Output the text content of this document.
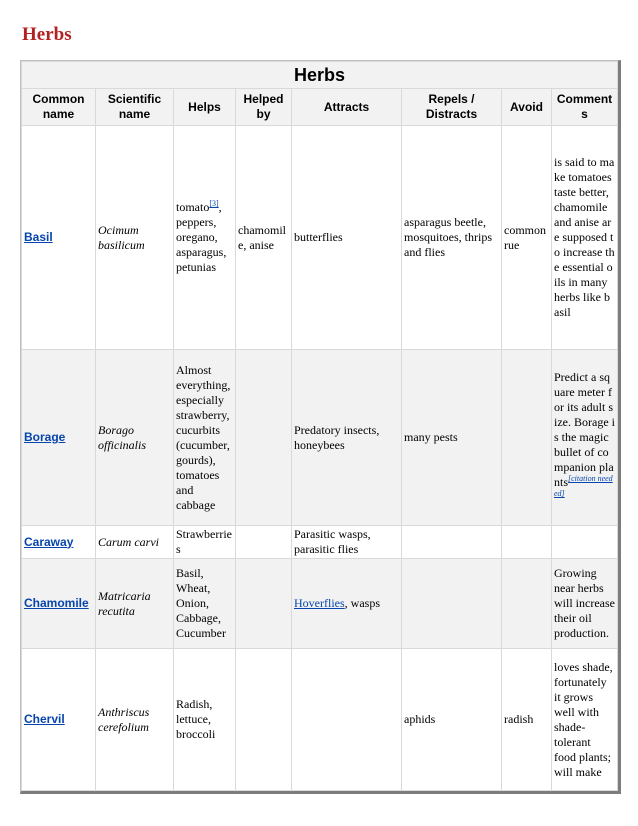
Herbs
Herbs							
Common name	Scientific name	Helps	Helped by	Attracts	Repels / Distracts	Avoid	Comments
Basil	Ocimum basilicum	tomato[3], peppers, oregano, asparagus, petunias	chamomile, anise	butterflies	asparagus beetle, mosquitoes, thrips and flies	common rue	is said to make tomatoes taste better, chamomile and anise are supposed to increase the essential oils in many herbs like basil
Borage	Borago officinalis	Almost everything, especially strawberry, cucurbits (cucumber, gourds), tomatoes and cabbage		Predatory insects, honeybees	many pests		Predict a square meter for its adult size. Borage is the magic bullet of companion plants[citation needed]
Caraway	Carum carvi	Strawberries		Parasitic wasps, parasitic flies			
Chamomile	Matricaria recutita	Basil, Wheat, Onion, Cabbage, Cucumber		Hoverflies, wasps			Growing near herbs will increase their oil production.
Chervil	Anthriscus cerefolium	Radish, lettuce, broccoli			aphids	radish	loves shade, fortunately it grows well with shade-tolerant food plants; will make
